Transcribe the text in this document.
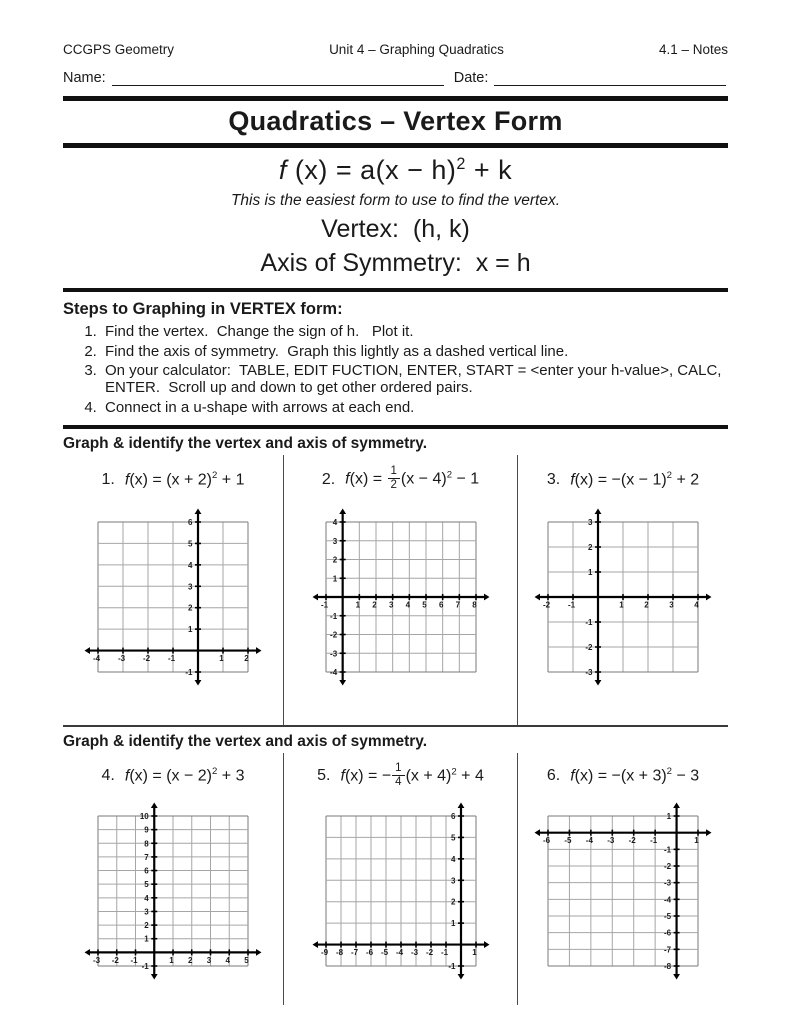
CCGPS Geometry	Unit 4 – Graphing Quadratics	4.1 – Notes
Name:	Date:
Quadratics – Vertex Form
f $(x) = a(x - h)^2 + k$
This is the easiest form to use to find the vertex.
Vertex:  (h, k)
Axis of Symmetry:  x = h
Steps to Graphing in VERTEX form:
1. Find the vertex.  Change the sign of h.   Plot it.
2. Find the axis of symmetry.  Graph this lightly as a dashed vertical line.
3. On your calculator:  TABLE, EDIT FUCTION, ENTER, START = <enter your h-value>, CALC, ENTER.  Scroll up and down to get other ordered pairs.
4. Connect in a u-shape with arrows at each end.
Graph & identify the vertex and axis of symmetry.
1. $f(x) = (x + 2)^2 + 1$
-4 -3 -2 -1	1	2
-1
1
2
3
4
5
6
2. $f(x) = \frac{1}{2} (x - 4)^2 - 1$
-1	1 2 3 4 5 6 7 8
-4
-3
-2
-1
1
2
3
4
3. $f(x) = -(x - 1)^2 + 2$
-2 -1	1	2	3	4
-3
-2
-1
1
2
3
Graph & identify the vertex and axis of symmetry.
4. $f(x) = (x - 2)^2 + 3$
-3 -2 -1	1 2 3 4 5
-1
1
2
3
4
5
6
7
8
9
10
5. f(x) = − $\frac{1}{4} (x + 4)^2 + 4$
-9 -8 -7 -6 -5 -4 -3 -2 -1	1
-1
1
2
3
4
5
6
6. $f(x) = -(x + 3)^2 - 3$
-6 -5 -4 -3 -2 -1	1
-8
-7
-6
-5
-4
-3
-2
-1
1
